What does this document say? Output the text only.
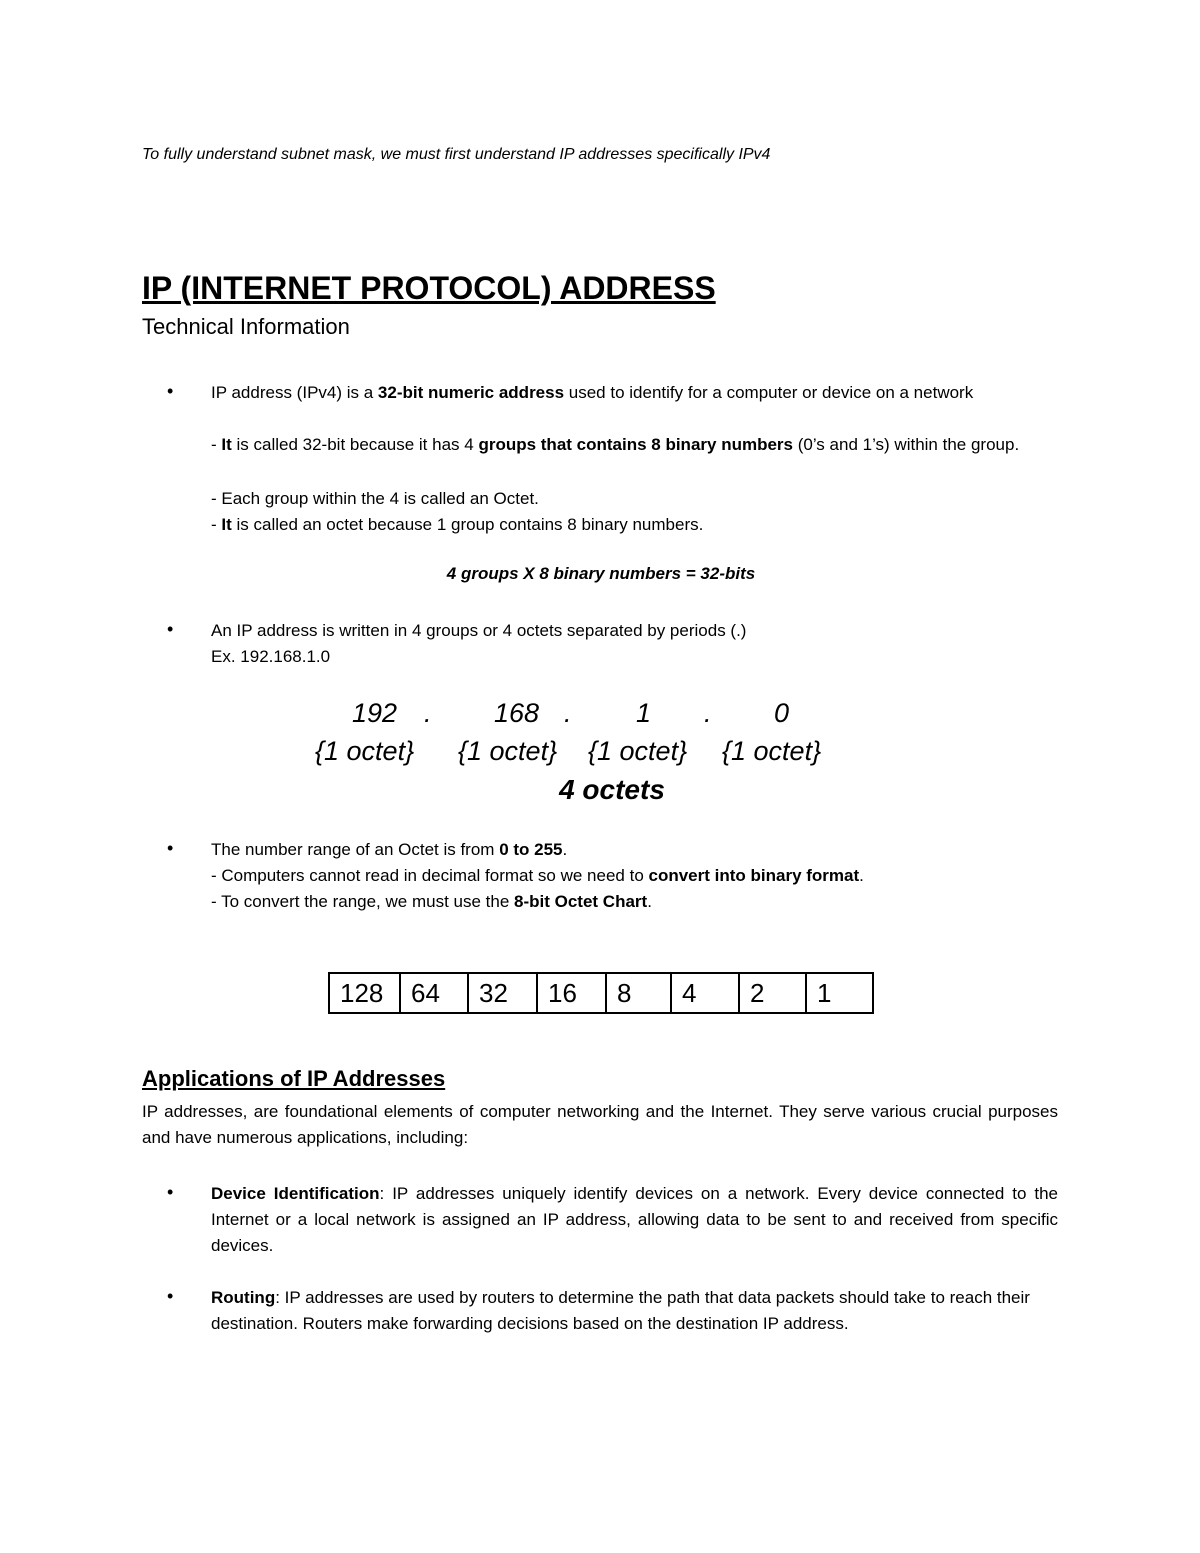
To fully understand subnet mask, we must first understand IP addresses specifically IPv4
IP (INTERNET PROTOCOL) ADDRESS
Technical Information
• IP address (IPv4) is a 32-bit numeric address used to identify for a computer or device on a network
- It is called 32-bit because it has 4 groups that contains 8 binary numbers (0’s and 1’s) within the group.
- Each group within the 4 is called an Octet.
- It is called an octet because 1 group contains 8 binary numbers.
4 groups X 8 binary numbers = 32-bits
• An IP address is written in 4 groups or 4 octets separated by periods (.)
Ex. 192.168.1.0
192 . 168 . 1 . 0
{1 octet} {1 octet} {1 octet} {1 octet}
4 octets
• The number range of an Octet is from 0 to 255.
- Computers cannot read in decimal format so we need to convert into binary format.
- To convert the range, we must use the 8-bit Octet Chart.
128	64	32	16	8	4	2	1
Applications of IP Addresses
IP addresses, are foundational elements of computer networking and the Internet. They serve various crucial purposes and have numerous applications, including:
• Device Identification: IP addresses uniquely identify devices on a network. Every device connected to the Internet or a local network is assigned an IP address, allowing data to be sent to and received from specific devices.
• Routing: IP addresses are used by routers to determine the path that data packets should take to reach their destination. Routers make forwarding decisions based on the destination IP address.
